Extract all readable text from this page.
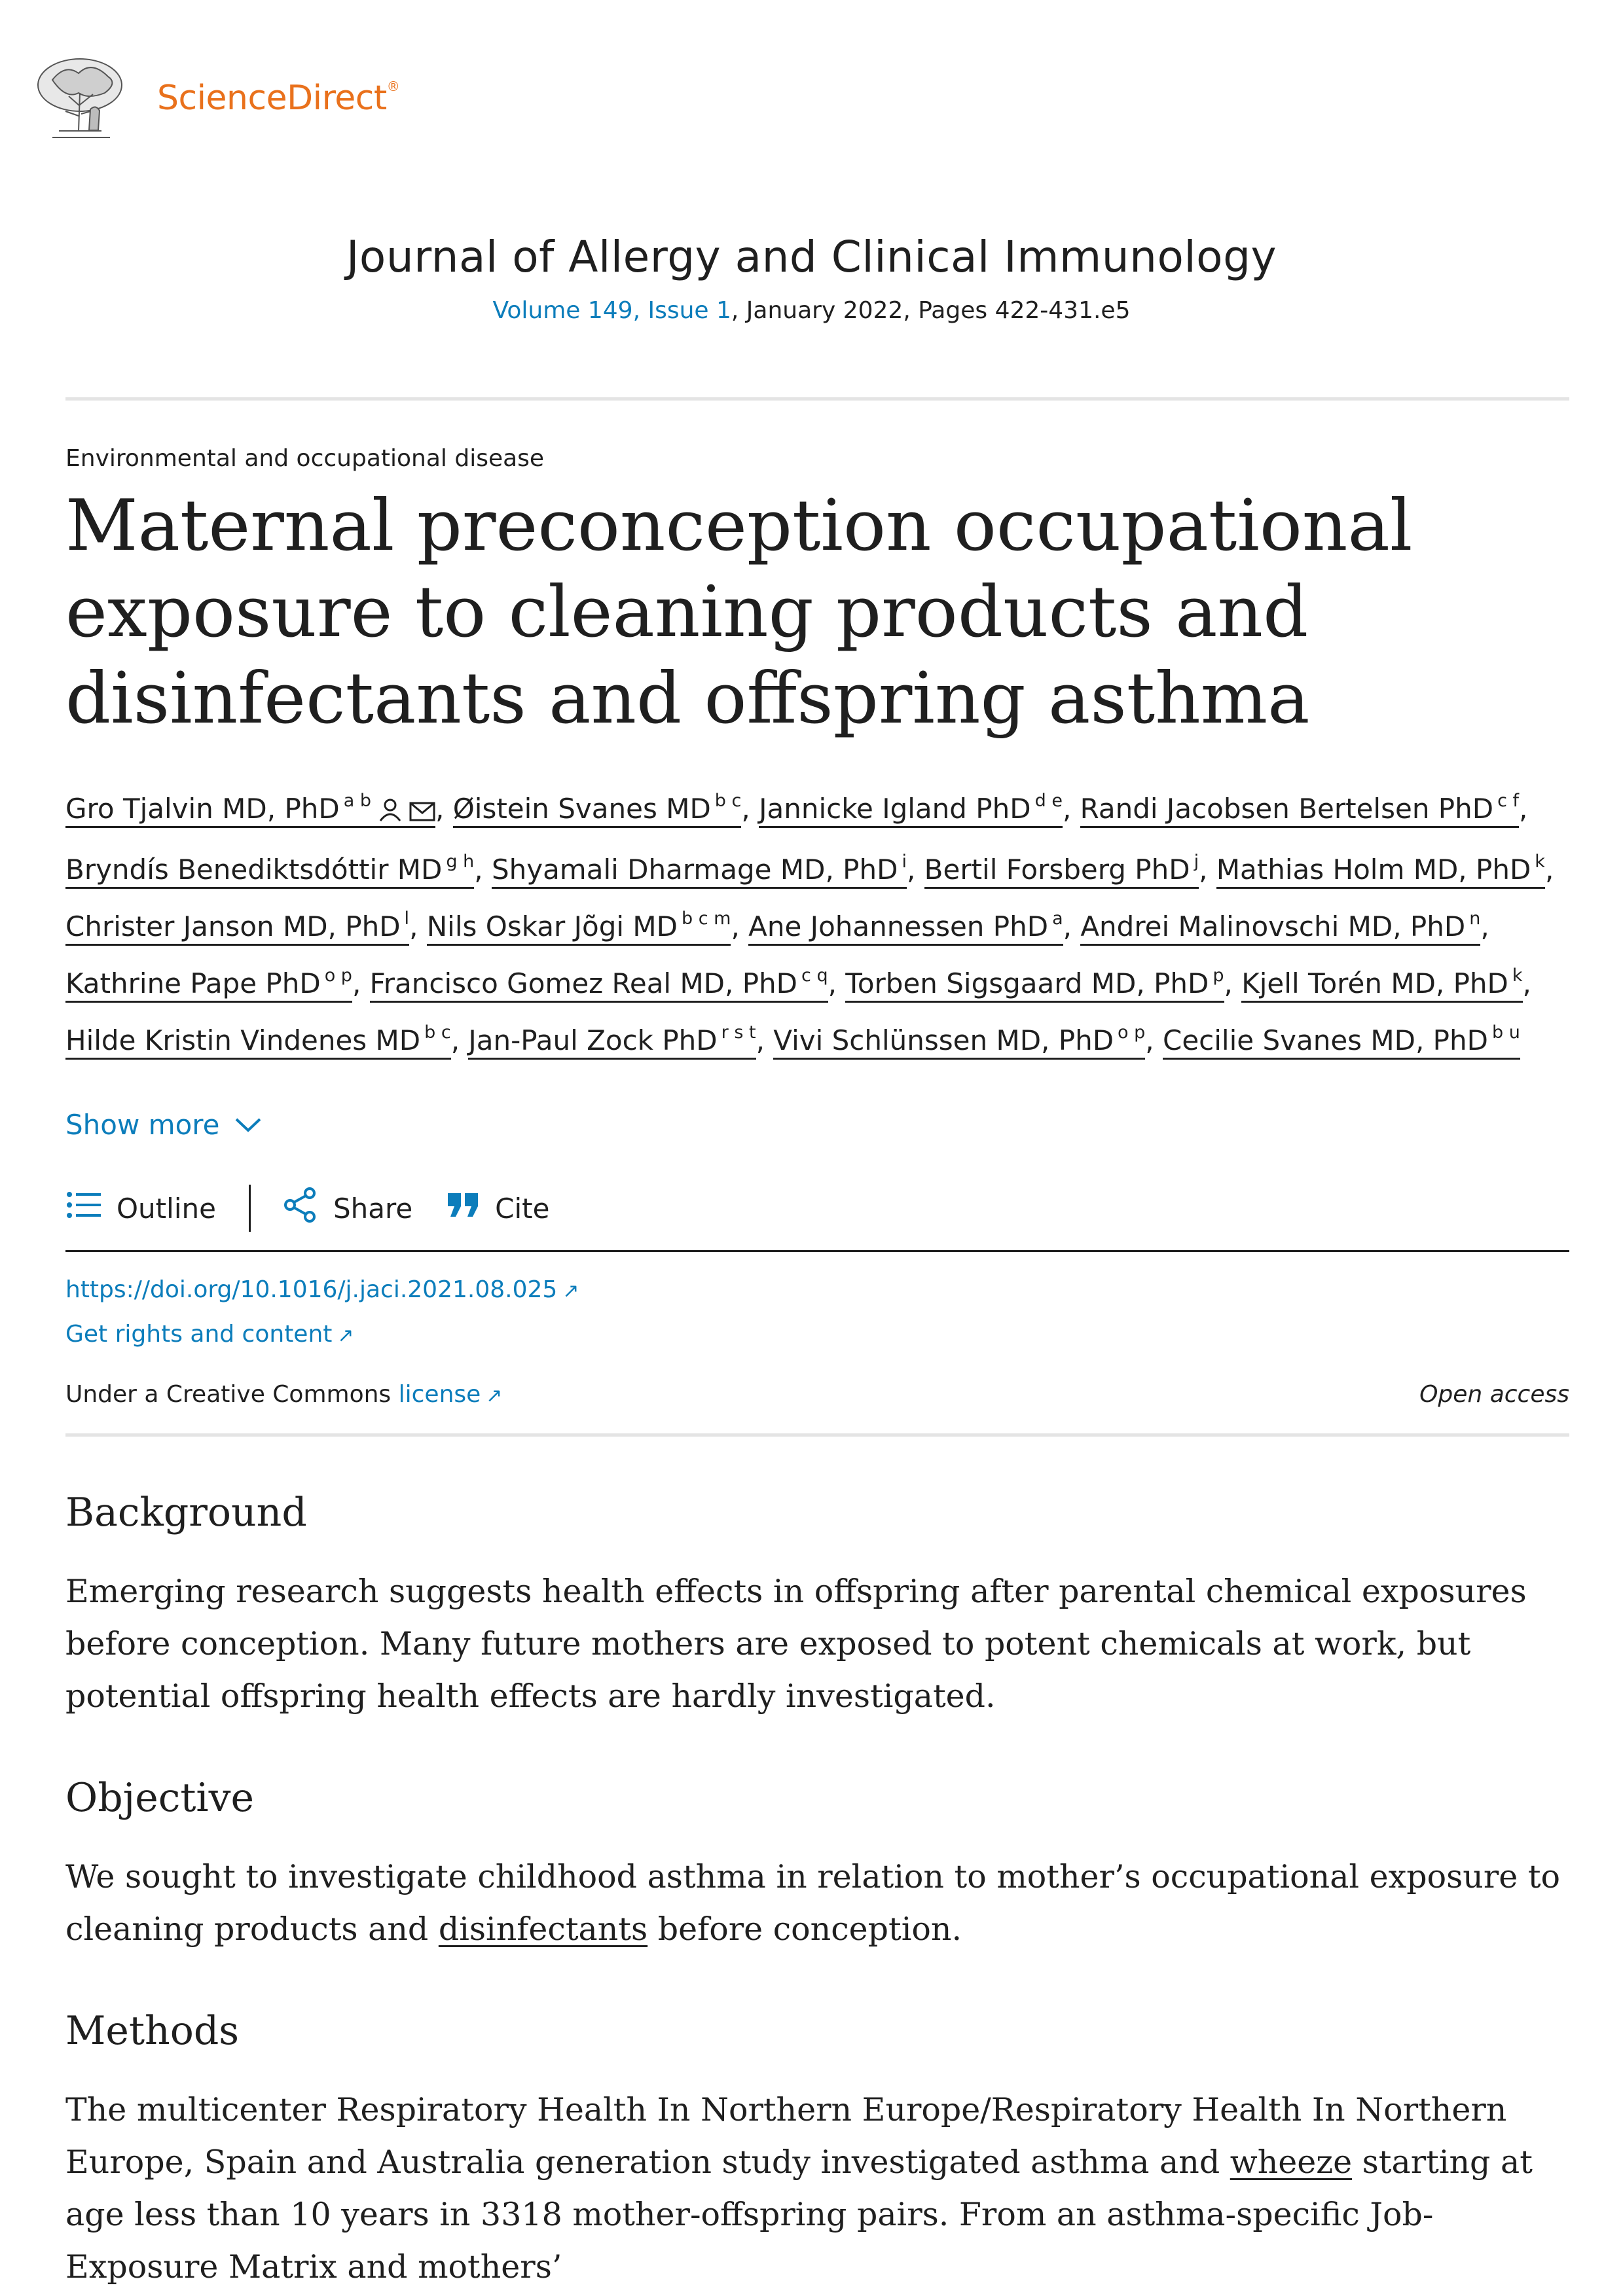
ScienceDirect®
Journal of Allergy and Clinical Immunology
Volume 149, Issue 1, January 2022, Pages 422-431.e5
Environmental and occupational disease
Maternal preconception occupational exposure to cleaning products and disinfectants and offspring asthma
Gro Tjalvin MD, PhD $^{a b}$ , Øistein Svanes MD $^{b c}$, Jannicke Igland PhD $^{d e}$, Randi Jacobsen Bertelsen PhD $^{c f}$, Bryndís Benediktsdóttir MD $^{g h}$, Shyamali Dharmage MD, PhD $^i$, Bertil Forsberg PhD $^j$, Mathias Holm MD, PhD $^k$, Christer Janson MD, PhD $^l$, Nils Oskar Jõgi MD $^{b c m}$, Ane Johannessen PhD $^a$, Andrei Malinovschi MD, PhD $^n$, Kathrine Pape PhD $^{o p}$, Francisco Gomez Real MD, PhD $^{c q}$, Torben Sigsgaard MD, PhD $^p$, Kjell Torén MD, PhD $^k$, Hilde Kristin Vindenes MD $^{b c}$, Jan-Paul Zock PhD $^{r s t}$, Vivi Schlünssen MD, PhD $^{o p}$, Cecilie Svanes MD, PhD $^{b u}$
Show more
Outline	Share	Cite
https://doi.org/10.1016/j.jaci.2021.08.025 ↗
Get rights and content ↗
Under a Creative Commons license ↗	Open access
Background
Emerging research suggests health effects in offspring after parental chemical exposures before conception. Many future mothers are exposed to potent chemicals at work, but potential offspring health effects are hardly investigated.
Objective
We sought to investigate childhood asthma in relation to mother’s occupational exposure to cleaning products and disinfectants before conception.
Methods
The multicenter Respiratory Health In Northern Europe/Respiratory Health In Northern Europe, Spain and Australia generation study investigated asthma and wheeze starting at age less than 10 years in 3318 mother-offspring pairs. From an asthma-specific Job-Exposure Matrix and mothers’
